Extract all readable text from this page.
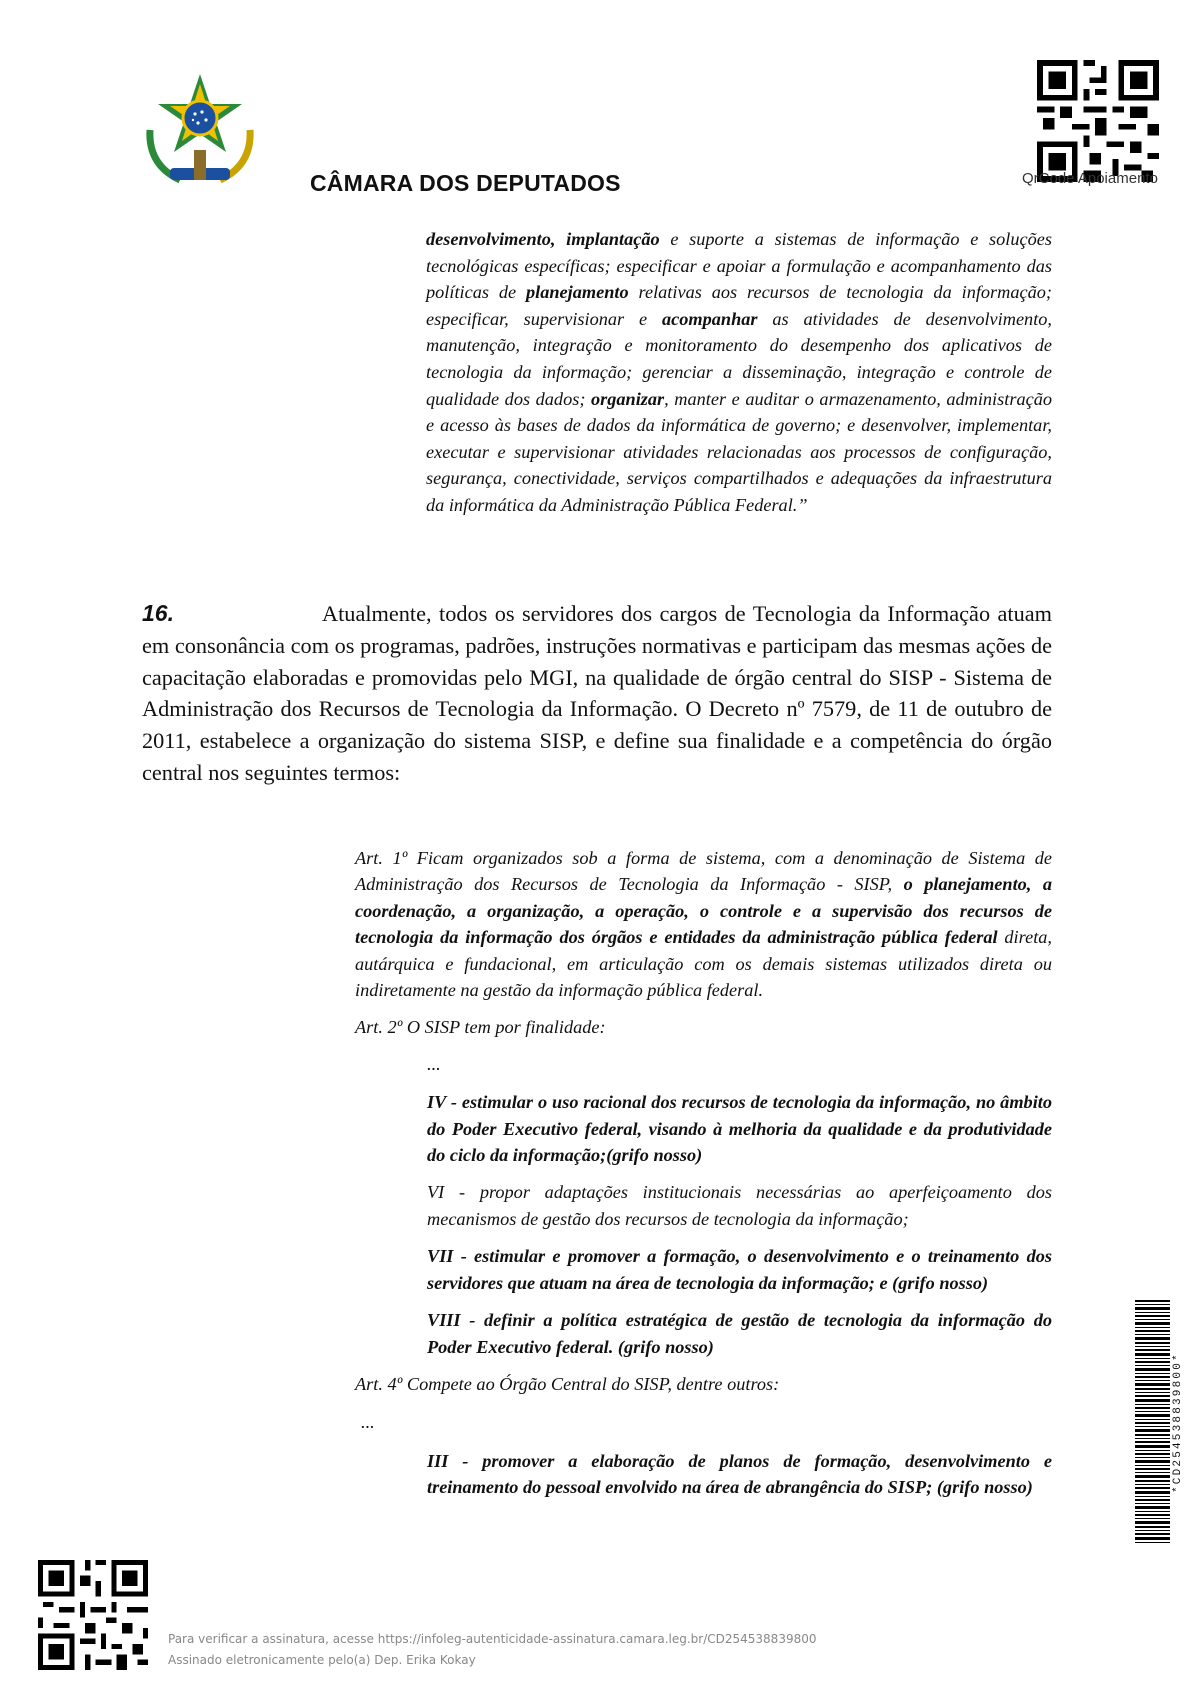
CÂMARA DOS DEPUTADOS	QrCode Apoiamento
desenvolvimento, implantação e suporte a sistemas de informação e soluções tecnológicas específicas; especificar e apoiar a formulação e acompanhamento das políticas de planejamento relativas aos recursos de tecnologia da informação; especificar, supervisionar e acompanhar as atividades de desenvolvimento, manutenção, integração e monitoramento do desempenho dos aplicativos de tecnologia da informação; gerenciar a disseminação, integração e controle de qualidade dos dados; organizar, manter e auditar o armazenamento, administração e acesso às bases de dados da informática de governo; e desenvolver, implementar, executar e supervisionar atividades relacionadas aos processos de configuração, segurança, conectividade, serviços compartilhados e adequações da infraestrutura da informática da Administração Pública Federal.”
16.	Atualmente, todos os servidores dos cargos de Tecnologia da Informação atuam em consonância com os programas, padrões, instruções normativas e participam das mesmas ações de capacitação elaboradas e promovidas pelo MGI, na qualidade de órgão central do SISP - Sistema de Administração dos Recursos de Tecnologia da Informação. O Decreto nº 7579, de 11 de outubro de 2011, estabelece a organização do sistema SISP, e define sua finalidade e a competência do órgão central nos seguintes termos:

Art. 1º Ficam organizados sob a forma de sistema, com a denominação de Sistema de Administração dos Recursos de Tecnologia da Informação - SISP, o planejamento, a coordenação, a organização, a operação, o controle e a supervisão dos recursos de tecnologia da informação dos órgãos e entidades da administração pública federal direta, autárquica e fundacional, em articulação com os demais sistemas utilizados direta ou indiretamente na gestão da informação pública federal.

Art. 2º O SISP tem por finalidade:

...

IV - estimular o uso racional dos recursos de tecnologia da informação, no âmbito do Poder Executivo federal, visando à melhoria da qualidade e da produtividade do ciclo da informação;(grifo nosso)

VI - propor adaptações institucionais necessárias ao aperfeiçoamento dos mecanismos de gestão dos recursos de tecnologia da informação;

VII - estimular e promover a formação, o desenvolvimento e o treinamento dos servidores que atuam na área de tecnologia da informação; e (grifo nosso)

VIII - definir a política estratégica de gestão de tecnologia da informação do Poder Executivo federal. (grifo nosso)

Art. 4º Compete ao Órgão Central do SISP, dentre outros:

...

III - promover a elaboração de planos de formação, desenvolvimento e treinamento do pessoal envolvido na área de abrangência do SISP; (grifo nosso)	*CD254538839800*
Para verificar a assinatura, acesse https://infoleg-autenticidade-assinatura.camara.leg.br/CD254538839800
Assinado eletronicamente pelo(a) Dep. Erika Kokay
